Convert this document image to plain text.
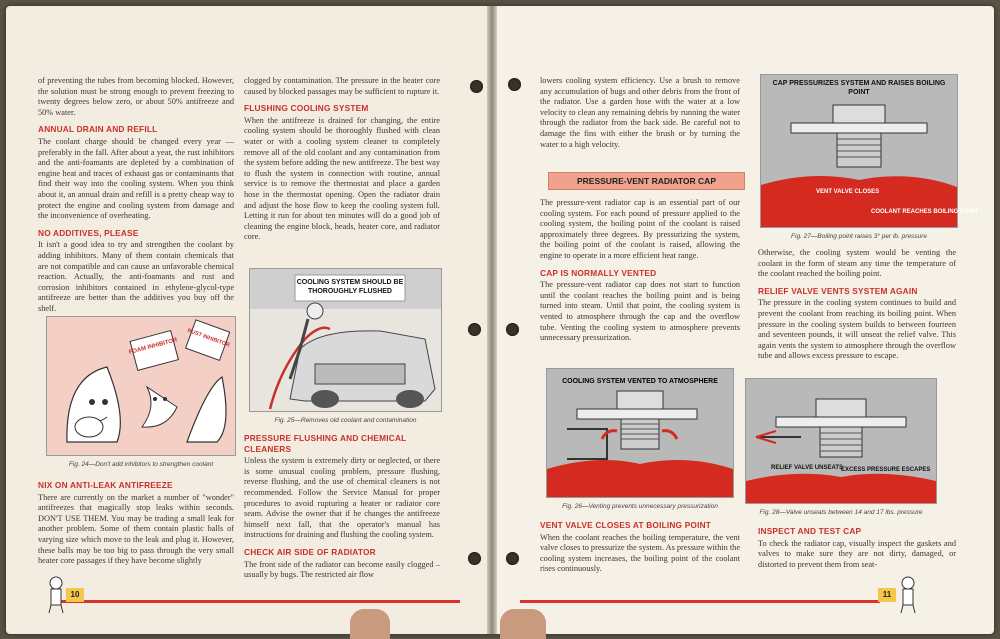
of preventing the tubes from becoming blocked. However, the solution must be strong enough to prevent freezing to twenty degrees below zero, or about 50% antifreeze and 50% water.

ANNUAL DRAIN AND REFILL

The coolant charge should be changed every year — preferably in the fall. After about a year, the rust inhibitors and the anti-foamants are depleted by a combination of engine heat and traces of exhaust gas or contaminants that find their way into the cooling system. When you think about it, an annual drain and refill is a pretty cheap way to protect the engine and cooling system from damage and the inconvenience of overheating.

NO ADDITIVES, PLEASE

It isn't a good idea to try and strengthen the coolant by adding inhibitors. Many of them contain chemicals that are not compatible and can cause an unfavorable chemical reaction. Actually, the anti-foamants and rust and corrosion inhibitors contained in ethylene-glycol-type antifreeze are better than the additives you buy off the shelf.

FOAM INHIBITOR RUST INHIBITOR
Fig. 24—Don't add inhibitors to strengthen coolant
NIX ON ANTI-LEAK ANTIFREEZE

There are currently on the market a number of "wonder" antifreezes that magically stop leaks within seconds. DON'T USE THEM. You may be trading a small leak for another problem. Some of them contain plastic balls of varying size which move to the leak and plug it. However, these balls may be too big to pass through the very small heater core passages if they have become slightly

clogged by contamination. The pressure in the heater core caused by blocked passages may be sufficient to rupture it.

FLUSHING COOLING SYSTEM

When the antifreeze is drained for changing, the entire cooling system should be thoroughly flushed with clean water or with a cooling system cleaner to completely remove all of the old coolant and any contamination from the system before adding the new antifreeze. The best way to flush the system in connection with routine, annual service is to remove the thermostat and place a garden hose in the thermostat opening. Open the radiator drain and adjust the hose flow to keep the cooling system full. Letting it run for about ten minutes will do a good job of cleaning the engine block, heads, heater core, and radiator core.

COOLING SYSTEM SHOULD BE THOROUGHLY FLUSHED
Fig. 25—Removes old coolant and contamination
PRESSURE FLUSHING AND CHEMICAL CLEANERS

Unless the system is extremely dirty or neglected, or there is some unusual cooling problem, pressure flushing, reverse flushing, and the use of chemical cleaners is not recommended. Follow the Service Manual for proper procedures to avoid rupturing a heater or radiator core seam. Advise the owner that if he changes the antifreeze himself next fall, that the operator's manual has instructions for draining and flushing the cooling system.

CHECK AIR SIDE OF RADIATOR

The front side of the radiator can become easily clogged – usually by bugs. The restricted air flow

lowers cooling system efficiency. Use a brush to remove any accumulation of bugs and other debris from the front of the radiator. Use a garden hose with the water at a low velocity to clean any remaining debris by running the water through the radiator from the back side. Be careful not to damage the fins with either the brush or by turning the water to a high velocity.

PRESSURE-VENT RADIATOR CAP

The pressure-vent radiator cap is an essential part of our cooling system. For each pound of pressure applied to the cooling system, the boiling point of the coolant is raised approximately three degrees. By pressurizing the system, the boiling point of the coolant is raised, allowing the engine to operate in a more efficient heat range.

CAP IS NORMALLY VENTED

The pressure-vent radiator cap does not start to function until the coolant reaches the boiling point and is being turned into steam. Until that point, the cooling system is vented to atmosphere through the cap and the overflow tube. Venting the cooling system to atmosphere prevents unnecessary pressurization.

COOLING SYSTEM VENTED TO ATMOSPHERE
Fig. 26—Venting prevents unnecessary pressurization
VENT VALVE CLOSES AT BOILING POINT

When the coolant reaches the boiling temperature, the vent valve closes to pressurize the system. As pressure within the cooling system increases, the boiling point of the coolant rises continuously.

CAP PRESSURIZES SYSTEM AND RAISES BOILING POINT
VENT VALVE CLOSES
COOLANT REACHES BOILING POINT
Fig. 27—Boiling point raises 3° per lb. pressure

Otherwise, the cooling system would be venting the coolant in the form of steam any time the temperature of the coolant reached the boiling point.

RELIEF VALVE VENTS SYSTEM AGAIN

The pressure in the cooling system continues to build and prevent the coolant from reaching its boiling point. When pressure in the cooling system builds to between fourteen and seventeen pounds, it will unseat the relief valve. This again vents the system to atmosphere through the overflow tube and allows excess pressure to escape.

RELIEF VALVE UNSEATS
EXCESS PRESSURE ESCAPES
Fig. 28—Valve unseats between 14 and 17 lbs. pressure
INSPECT AND TEST CAP

To check the radiator cap, visually inspect the gaskets and valves to make sure they are not dirty, damaged, or distorted to prevent them from seat-

10	11
